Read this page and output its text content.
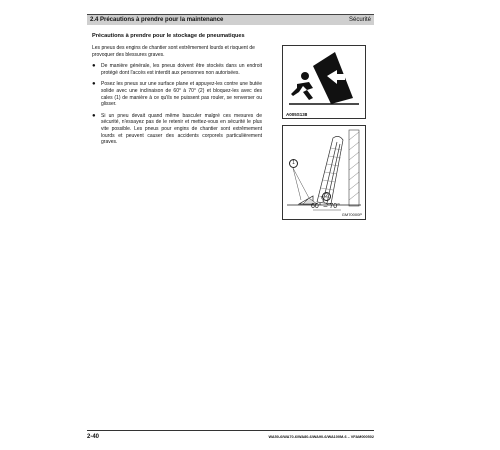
2.4 Précautions à prendre pour la maintenance	Sécurité
Précautions à prendre pour le stockage de pneumatiques

Les pneus des engins de chantier sont extrêmement lourds et risquent de provoquer des blessures graves.

●	De manière générale, les pneus doivent être stockés dans un endroit protégé dont l'accès est interdit aux personnes non autorisées.
●	Posez les pneus sur une surface plane et appuyez-les contre une butée solide avec une inclinaison de 60° à 70° (2) et bloquez-les avec des cales (1) de manière à ce qu'ils ne puissent pas rouler, se renverser ou glisser.
●	Si un pneu devait quand même basculer malgré ces mesures de sécurité, n'essayez pas de le retenir et mettez-vous en sécurité le plus vite possible. Les pneus pour engins de chantier sont extrêmement lourds et peuvent causer des accidents corporels particulièrement graves.
A005S138
1
2
60° – 70°
GM70000P
2-40	WA50-6/WA70-6/WA80-6/WA90-6/WA100M-6 – VFAM000502
